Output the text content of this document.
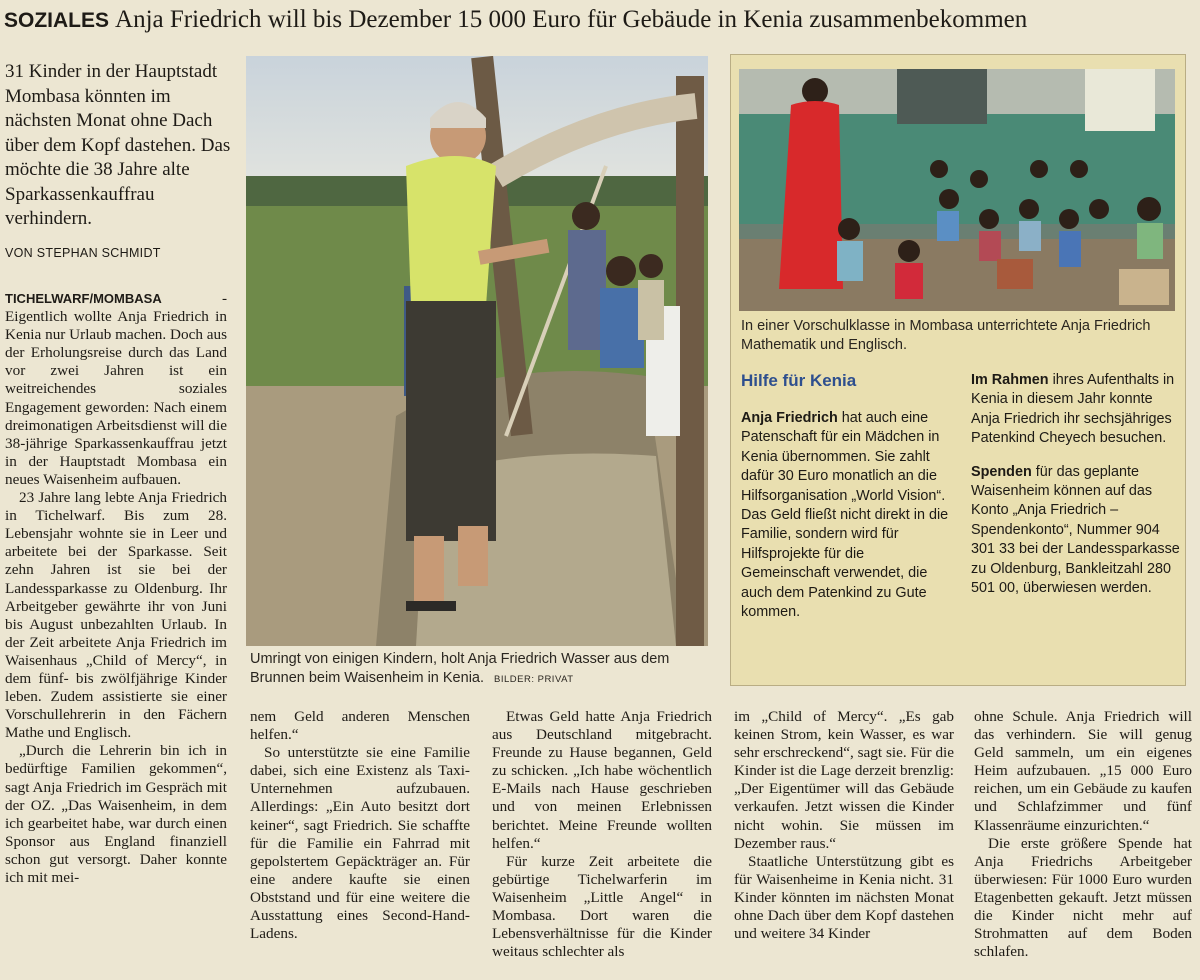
SOZIALES Anja Friedrich will bis Dezember 15 000 Euro für Gebäude in Kenia zusammenbekommen
31 Kinder in der Hauptstadt Mombasa könnten im nächsten Monat ohne Dach über dem Kopf dastehen. Das möchte die 38 Jahre alte Sparkassenkauffrau verhindern.
VON STEPHAN SCHMIDT

TICHELWARF/MOMBASA - Eigentlich wollte Anja Friedrich in Kenia nur Urlaub machen. Doch aus der Erholungsreise durch das Land vor zwei Jahren ist ein weitreichendes soziales Engagement geworden: Nach einem dreimonatigen Arbeitsdienst will die 38-jährige Sparkassenkauffrau jetzt in der Hauptstadt Mombasa ein neues Waisenheim aufbauen.

23 Jahre lang lebte Anja Friedrich in Tichelwarf. Bis zum 28. Lebensjahr wohnte sie in Leer und arbeitete bei der Sparkasse. Seit zehn Jahren ist sie bei der Landessparkasse zu Oldenburg. Ihr Arbeitgeber gewährte ihr von Juni bis August unbezahlten Urlaub. In der Zeit arbeitete Anja Friedrich im Waisenhaus „Child of Mercy“, in dem fünf- bis zwölfjährige Kinder leben. Zudem assistierte sie einer Vorschullehrerin in den Fächern Mathe und Englisch.

„Durch die Lehrerin bin ich in bedürftige Familien gekommen“, sagt Anja Friedrich im Gespräch mit der OZ. „Das Waisenheim, in dem ich gearbeitet habe, war durch einen Sponsor aus England finanziell schon gut versorgt. Daher konnte ich mit mei-

Umringt von einigen Kindern, holt Anja Friedrich Wasser aus dem Brunnen beim Waisenheim in Kenia. BILDER: PRIVAT
In einer Vorschulklasse in Mombasa unterrichtete Anja Friedrich Mathematik und Englisch.
Hilfe für Kenia

Anja Friedrich hat auch eine Patenschaft für ein Mädchen in Kenia übernommen. Sie zahlt dafür 30 Euro monatlich an die Hilfsorganisation „World Vision“. Das Geld fließt nicht direkt in die Familie, sondern wird für Hilfsprojekte für die Gemeinschaft verwendet, die auch dem Patenkind zu Gute kommen.

Im Rahmen ihres Aufenthalts in Kenia in diesem Jahr konnte Anja Friedrich ihr sechsjähriges Patenkind Cheyech besuchen.

Spenden für das geplante Waisenheim können auf das Konto „Anja Friedrich – Spendenkonto“, Nummer 904 301 33 bei der Landessparkasse zu Oldenburg, Bankleitzahl 280 501 00, überwiesen werden.

nem Geld anderen Menschen helfen.“

So unterstützte sie eine Familie dabei, sich eine Existenz als Taxi-Unternehmen aufzubauen. Allerdings: „Ein Auto besitzt dort keiner“, sagt Friedrich. Sie schaffte für die Familie ein Fahrrad mit gepolstertem Gepäckträger an. Für eine andere kaufte sie einen Obststand und für eine weitere die Ausstattung eines Second-Hand-Ladens.

Etwas Geld hatte Anja Friedrich aus Deutschland mitgebracht. Freunde zu Hause begannen, Geld zu schicken. „Ich habe wöchentlich E-Mails nach Hause geschrieben und von meinen Erlebnissen berichtet. Meine Freunde wollten helfen.“

Für kurze Zeit arbeitete die gebürtige Tichelwarferin im Waisenheim „Little Angel“ in Mombasa. Dort waren die Lebensverhältnisse für die Kinder weitaus schlechter als

im „Child of Mercy“. „Es gab keinen Strom, kein Wasser, es war sehr erschreckend“, sagt sie. Für die Kinder ist die Lage derzeit brenzlig: „Der Eigentümer will das Gebäude verkaufen. Jetzt wissen die Kinder nicht wohin. Sie müssen im Dezember raus.“

Staatliche Unterstützung gibt es für Waisenheime in Kenia nicht. 31 Kinder könnten im nächsten Monat ohne Dach über dem Kopf dastehen und weitere 34 Kinder

ohne Schule. Anja Friedrich will das verhindern. Sie will genug Geld sammeln, um ein eigenes Heim aufzubauen. „15 000 Euro reichen, um ein Gebäude zu kaufen und Schlafzimmer und fünf Klassenräume einzurichten.“

Die erste größere Spende hat Anja Friedrichs Arbeitgeber überwiesen: Für 1000 Euro wurden Etagenbetten gekauft. Jetzt müssen die Kinder nicht mehr auf Strohmatten auf dem Boden schlafen.
